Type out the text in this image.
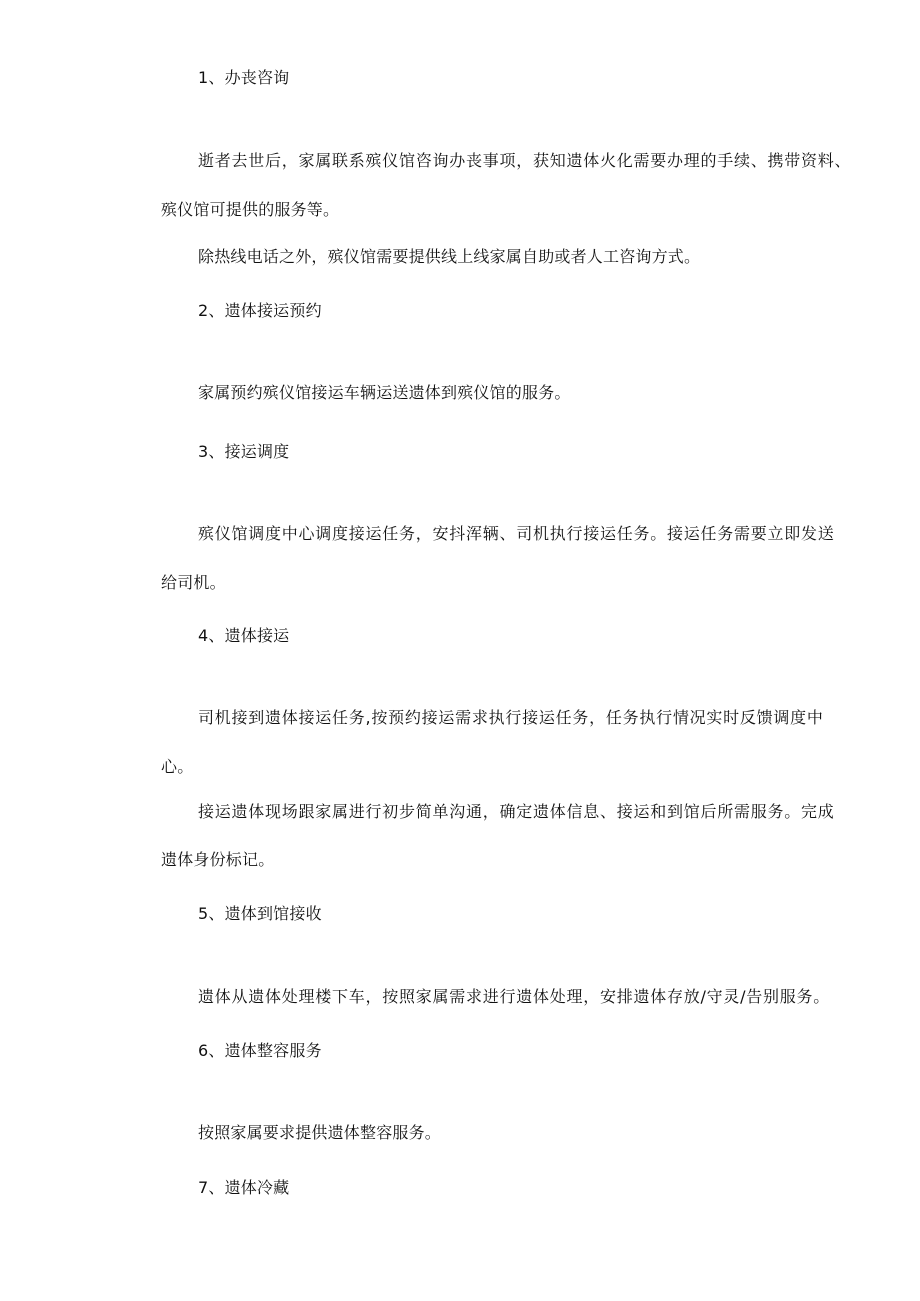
1、办丧咨询
逝者去世后，家属联系殡仪馆咨询办丧事项，获知遗体火化需要办理的手续、携带资料、
殡仪馆可提供的服务等。
除热线电话之外，殡仪馆需要提供线上线家属自助或者人工咨询方式。
2、遗体接运预约
家属预约殡仪馆接运车辆运送遗体到殡仪馆的服务。
3、接运调度
殡仪馆调度中心调度接运任务，安抖浑辆、司机执行接运任务。接运任务需要立即发送
给司机。
4、遗体接运
司机接到遗体接运任务,按预约接运需求执行接运任务，任务执行情况实时反馈调度中
心。
接运遗体现场跟家属进行初步简单沟通，确定遗体信息、接运和到馆后所需服务。完成
遗体身份标记。
5、遗体到馆接收
遗体从遗体处理楼下车，按照家属需求进行遗体处理，安排遗体存放/守灵/告别服务。
6、遗体整容服务
按照家属要求提供遗体整容服务。
7、遗体冷藏
